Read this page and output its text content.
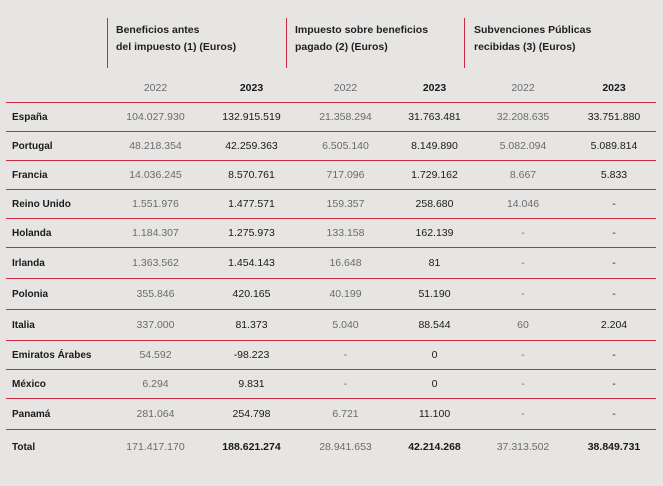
Beneficios antes
del impuesto (1) (Euros)
Impuesto sobre beneficios
pagado (2) (Euros)
Subvenciones Públicas
recibidas (3) (Euros)
	2022	2023	2022	2023	2022	2023
España	104.027.930	132.915.519	21.358.294	31.763.481	32.208.635	33.751.880
Portugal	48.218.354	42.259.363	6.505.140	8.149.890	5.082.094	5.089.814
Francia	14.036.245	8.570.761	717.096	1.729.162	8.667	5.833
Reino Unido	1.551.976	1.477.571	159.357	258.680	14.046	-
Holanda	1.184.307	1.275.973	133.158	162.139	-	-
Irlanda	1.363.562	1.454.143	16.648	81	-	-
Polonia	355.846	420.165	40.199	51.190	-	-
Italia	337.000	81.373	5.040	88.544	60	2.204
Emiratos Árabes	54.592	-98.223	-	0	-	-
México	6.294	9.831	-	0	-	-
Panamá	281.064	254.798	6.721	11.100	-	-
Total	171.417.170	188.621.274	28.941.653	42.214.268	37.313.502	38.849.731
